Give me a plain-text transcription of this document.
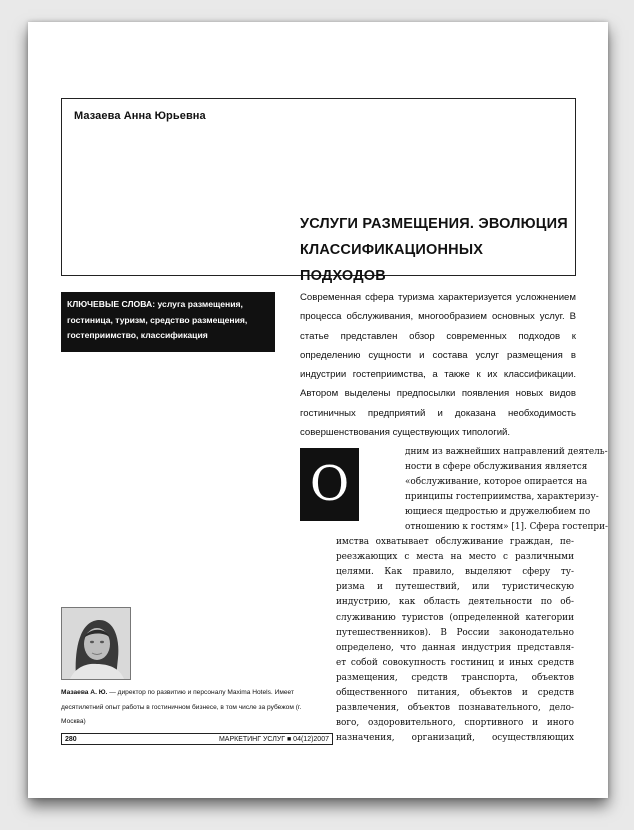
Мазаева Анна Юрьевна
УСЛУГИ РАЗМЕЩЕНИЯ. ЭВОЛЮЦИЯ
КЛАССИФИКАЦИОННЫХ ПОДХОДОВ
КЛЮЧЕВЫЕ СЛОВА: услуга размещения, гостиница, туризм, средство размещения, гостеприимство, классификация
Современная сфера туризма характеризуется усложнением процесса обслуживания, многообразием основных услуг. В статье представлен обзор современных подходов к определению сущности и состава услуг размещения в индустрии гостеприимства, а также к их классификации. Автором выделены предпосылки появления новых видов гостиничных предприятий и доказана необходимость совершенствования существующих типологий.
О
дним из важнейших направлений деятель-
ности в сфере обслуживания является
«обслуживание, которое опирается на
принципы гостеприимства, характеризу-
ющиеся щедростью и дружелюбием по
отношению к гостям» [1]. Сфера гостепри-
имства охватывает обслуживание граждан, пе-
реезжающих с места на место с различными
целями. Как правило, выделяют сферу ту-
ризма и путешествий, или туристическую
индустрию, как область деятельности по об-
служиванию туристов (определенной категории
путешественников). В России законодательно
определено, что данная индустрия представля-
ет собой совокупность гостиниц и иных средств
размещения, средств транспорта, объектов
общественного питания, объектов и средств
развлечения, объектов познавательного, дело-
вого, оздоровительного, спортивного и иного
назначения, организаций, осуществляющих
Мазаева А. Ю. — директор по развитию и персоналу Maxima Hotels. Имеет десятилетний опыт работы в гостиничном бизнесе, в том числе за рубежом (г. Москва)
280	МАРКЕТИНГ УСЛУГ ■ 04(12)2007
